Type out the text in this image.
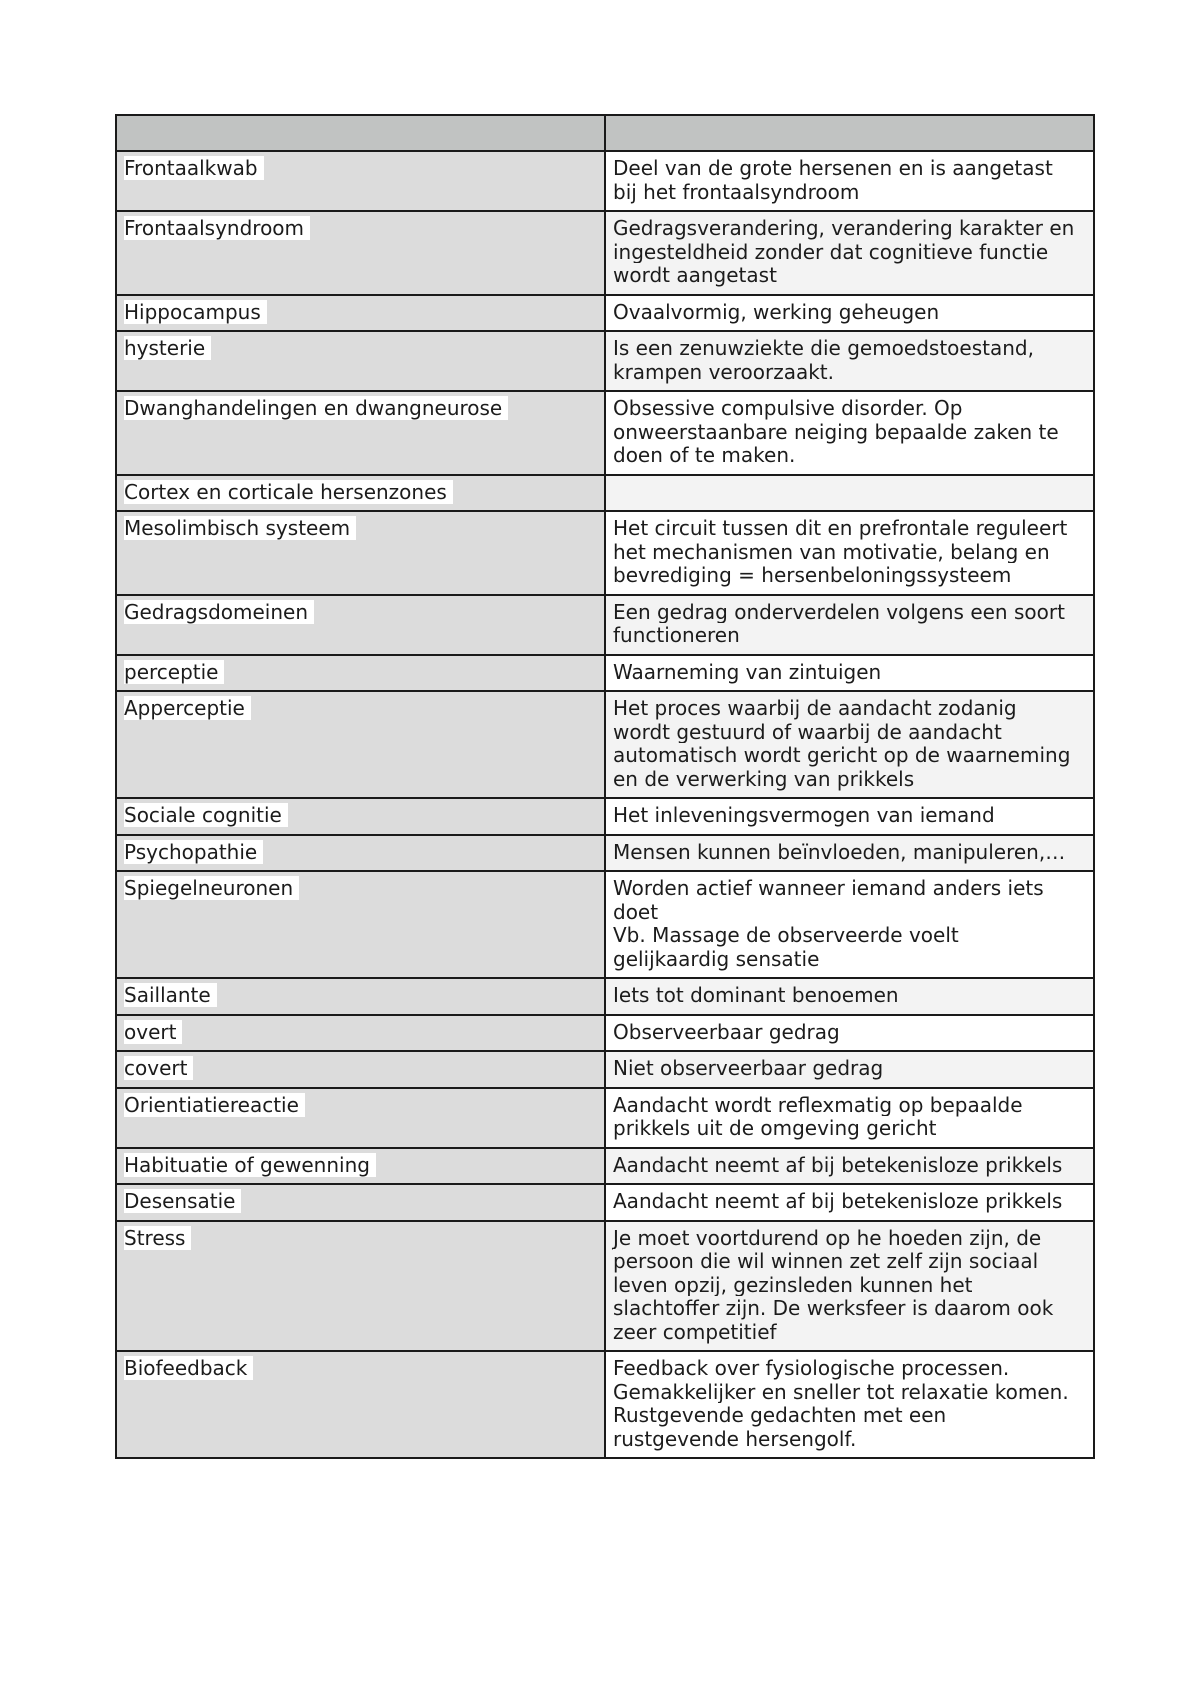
Frontaalkwab	Deel van de grote hersenen en is aangetast
bij het frontaalsyndroom

Frontaalsyndroom	Gedragsverandering, verandering karakter en
ingesteldheid zonder dat cognitieve functie
wordt aangetast

Hippocampus	Ovaalvormig, werking geheugen

hysterie	Is een zenuwziekte die gemoedstoestand,
krampen veroorzaakt.

Dwanghandelingen en dwangneurose	Obsessive compulsive disorder. Op
onweerstaanbare neiging bepaalde zaken te
doen of te maken.

Cortex en corticale hersenzones	
Mesolimbisch systeem	Het circuit tussen dit en prefrontale reguleert
het mechanismen van motivatie, belang en
bevrediging = hersenbeloningssysteem

Gedragsdomeinen	Een gedrag onderverdelen volgens een soort
functioneren

perceptie	Waarneming van zintuigen

Apperceptie	Het proces waarbij de aandacht zodanig
wordt gestuurd of waarbij de aandacht
automatisch wordt gericht op de waarneming
en de verwerking van prikkels

Sociale cognitie	Het inleveningsvermogen van iemand

Psychopathie	Mensen kunnen beïnvloeden, manipuleren,…

Spiegelneuronen	Worden actief wanneer iemand anders iets
doet
Vb. Massage de observeerde voelt
gelijkaardig sensatie

Saillante	Iets tot dominant benoemen

overt	Observeerbaar gedrag

covert	Niet observeerbaar gedrag

Orientiatiereactie	Aandacht wordt reflexmatig op bepaalde
prikkels uit de omgeving gericht

Habituatie of gewenning	Aandacht neemt af bij betekenisloze prikkels

Desensatie	Aandacht neemt af bij betekenisloze prikkels

Stress	Je moet voortdurend op he hoeden zijn, de
persoon die wil winnen zet zelf zijn sociaal
leven opzij, gezinsleden kunnen het
slachtoffer zijn. De werksfeer is daarom ook
zeer competitief

Biofeedback	Feedback over fysiologische processen.
Gemakkelijker en sneller tot relaxatie komen.
Rustgevende gedachten met een
rustgevende hersengolf.
